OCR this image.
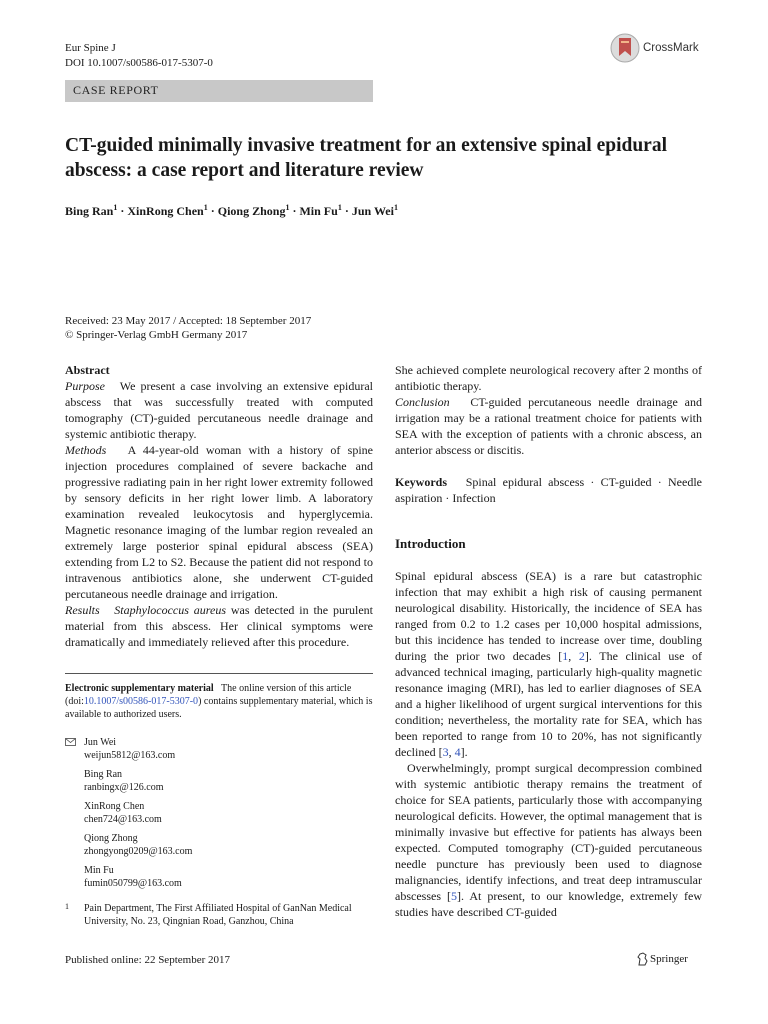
Eur Spine J
DOI 10.1007/s00586-017-5307-0
CrossMark
CASE REPORT
CT-guided minimally invasive treatment for an extensive spinal epidural abscess: a case report and literature review
Bing Ran$^1$ · XinRong Chen$^1$ · Qiong Zhong$^1$ · Min $Fu^1$ · Jun Wei$^1$
Received: 23 May 2017 / Accepted: 18 September 2017
© Springer-Verlag GmbH Germany 2017

Abstract

Purpose We present a case involving an extensive epidural abscess that was successfully treated with computed tomography (CT)-guided percutaneous needle drainage and systemic antibiotic therapy.

Methods A 44-year-old woman with a history of spine injection procedures complained of severe backache and progressive radiating pain in her right lower extremity followed by sensory deficits in her right lower limb. A laboratory examination revealed leukocytosis and hyperglycemia. Magnetic resonance imaging of the lumbar region revealed an extremely large posterior spinal epidural abscess (SEA) extending from L2 to S2. Because the patient did not respond to intravenous antibiotics alone, she underwent CT-guided percutaneous needle drainage and irrigation.

Results Staphylococcus aureus was detected in the purulent material from this abscess. Her clinical symptoms were dramatically and immediately relieved after this procedure.

Electronic supplementary material The online version of this article (doi:10.1007/s00586-017-5307-0) contains supplementary material, which is available to authorized users.
Jun Wei
weijun5812@163.com
Bing Ran
ranbingx@126.com
XinRong Chen
chen724@163.com
Qiong Zhong
zhongyong0209@163.com
Min Fu
fumin050799@163.com
1 Pain Department, The First Affiliated Hospital of GanNan Medical University, No. 23, Qingnian Road, Ganzhou, China

She achieved complete neurological recovery after 2 months of antibiotic therapy.

Conclusion CT-guided percutaneous needle drainage and irrigation may be a rational treatment choice for patients with SEA with the exception of patients with a chronic abscess, an anterior abscess or discitis.

Keywords Spinal epidural abscess · CT-guided · Needle aspiration · Infection

Introduction

Spinal epidural abscess (SEA) is a rare but catastrophic infection that may exhibit a high risk of causing permanent neurological disability. Historically, the incidence of SEA has ranged from 0.2 to 1.2 cases per 10,000 hospital admissions, but this incidence has tended to increase over time, doubling during the prior two decades [1, 2]. The clinical use of advanced technical imaging, particularly high-quality magnetic resonance imaging (MRI), has led to earlier diagnoses of SEA and a higher likelihood of urgent surgical interventions for this condition; nevertheless, the mortality rate for SEA, which has been reported to range from 10 to 20%, has not significantly declined [3, 4].

Overwhelmingly, prompt surgical decompression combined with systemic antibiotic therapy remains the treatment of choice for SEA patients, particularly those with accompanying neurological deficits. However, the optimal management that is minimally invasive but effective for patients has always been expected. Computed tomography (CT)-guided percutaneous needle puncture has previously been used to diagnose malignancies, identify infections, and treat deep intramuscular abscesses [5]. At present, to our knowledge, extremely few studies have described CT-guided

Published online: 22 September 2017	Springer
